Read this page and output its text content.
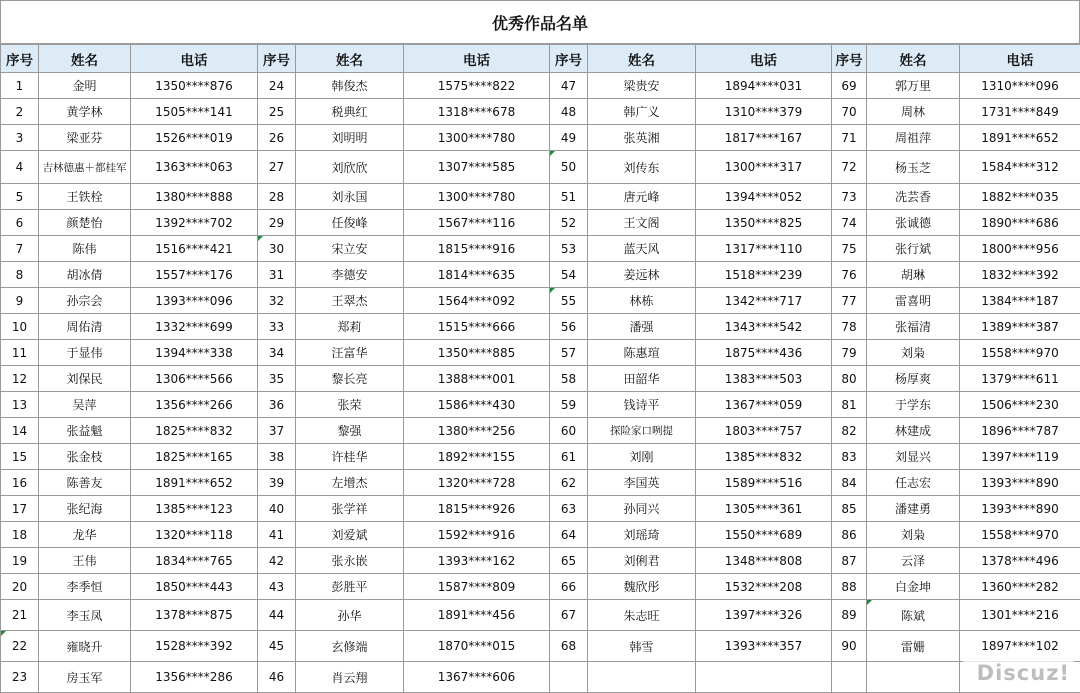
优秀作品名单
序号	姓名	电话	序号	姓名	电话	序号	姓名	电话	序号	姓名	电话
1	金明	1350****876	24	韩俊杰	1575****822	47	梁贵安	1894****031	69	郭万里	1310****096
2	黄学林	1505****141	25	税典红	1318****678	48	韩广义	1310****379	70	周林	1731****849
3	梁亚芬	1526****019	26	刘明明	1300****780	49	张英湘	1817****167	71	周祖萍	1891****652
4	吉林德惠＋都桂军	1363****063	27	刘欣欣	1307****585	50	刘传东	1300****317	72	杨玉芝	1584****312
5	王铁栓	1380****888	28	刘永国	1300****780	51	唐元峰	1394****052	73	冼芸香	1882****035
6	颜楚怡	1392****702	29	任俊峰	1567****116	52	王文阁	1350****825	74	张诚德	1890****686
7	陈伟	1516****421	30	宋立安	1815****916	53	蓝天风	1317****110	75	张行斌	1800****956
8	胡冰倩	1557****176	31	李德安	1814****635	54	姜远林	1518****239	76	胡琳	1832****392
9	孙宗会	1393****096	32	王翠杰	1564****092	55	林栋	1342****717	77	雷喜明	1384****187
10	周佑清	1332****699	33	郑莉	1515****666	56	潘强	1343****542	78	张福清	1389****387
11	于显伟	1394****338	34	汪富华	1350****885	57	陈惠瑄	1875****436	79	刘枭	1558****970
12	刘保民	1306****566	35	黎长亮	1388****001	58	田韶华	1383****503	80	杨厚爽	1379****611
13	吴萍	1356****266	36	张荣	1586****430	59	钱诗平	1367****059	81	于学东	1506****230
14	张益魁	1825****832	37	黎强	1380****256	60	探险家口咧提	1803****757	82	林建成	1896****787
15	张金枝	1825****165	38	许桂华	1892****155	61	刘刚	1385****832	83	刘显兴	1397****119
16	陈善友	1891****652	39	左增杰	1320****728	62	李国英	1589****516	84	任志宏	1393****890
17	张纪海	1385****123	40	张学祥	1815****926	63	孙同兴	1305****361	85	潘建勇	1393****890
18	龙华	1320****118	41	刘爱斌	1592****916	64	刘瑶琦	1550****689	86	刘枭	1558****970
19	王伟	1834****765	42	张永嵌	1393****162	65	刘俐君	1348****808	87	云泽	1378****496
20	李季恒	1850****443	43	彭胜平	1587****809	66	魏欣彤	1532****208	88	白金坤	1360****282
21	李玉凤	1378****875	44	孙华	1891****456	67	朱志旺	1397****326	89	陈斌	1301****216
22	雍晓升	1528****392	45	玄修端	1870****015	68	韩雪	1393****357	90	雷姗	1897****102
23	房玉军	1356****286	46	肖云翔	1367****606							Discuz!
